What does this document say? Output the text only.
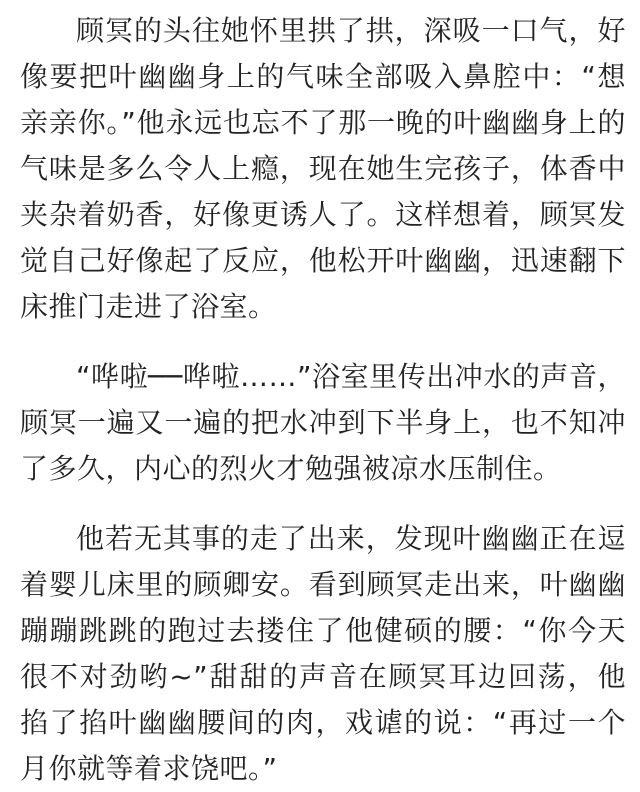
顾冥的头往她怀里拱了拱，深吸一口气，好像要把叶幽幽身上的气味全部吸入鼻腔中：“想亲亲你。”他永远也忘不了那一晚的叶幽幽身上的气味是多么令人上瘾，现在她生完孩子，体香中夹杂着奶香，好像更诱人了。这样想着，顾冥发觉自己好像起了反应，他松开叶幽幽，迅速翻下床推门走进了浴室。

“哗啦──哗啦……”浴室里传出冲水的声音，顾冥一遍又一遍的把水冲到下半身上，也不知冲了多久，内心的烈火才勉强被凉水压制住。

他若无其事的走了出来，发现叶幽幽正在逗着婴儿床里的顾卿安。看到顾冥走出来，叶幽幽蹦蹦跳跳的跑过去搂住了他健硕的腰：“你今天很不对劲哟~”甜甜的声音在顾冥耳边回荡，他掐了掐叶幽幽腰间的肉，戏谑的说：“再过一个月你就等着求饶吧。”
